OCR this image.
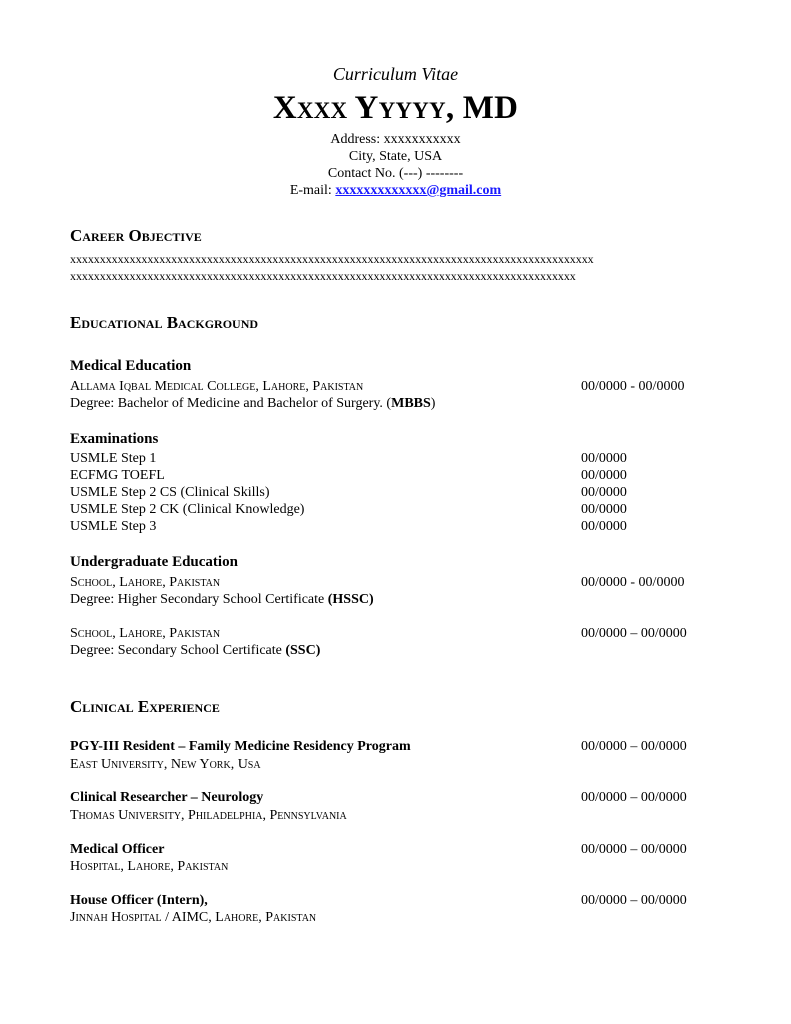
Curriculum Vitae
Xxxx Yyyyy, MD
Address: xxxxxxxxxxx
City, State, USA
Contact No. (---) --------
E-mail: xxxxxxxxxxxxx@gmail.com
Career Objective
xxxxxxxxxxxxxxxxxxxxxxxxxxxxxxxxxxxxxxxxxxxxxxxxxxxxxxxxxxxxxxxxxxxxxxxxxxxxxxxxxxxxxxxx
xxxxxxxxxxxxxxxxxxxxxxxxxxxxxxxxxxxxxxxxxxxxxxxxxxxxxxxxxxxxxxxxxxxxxxxxxxxxxxxxxxxxx
Educational Background
Medical Education
Allama Iqbal Medical College, Lahore, Pakistan	00/0000 - 00/0000
Degree: Bachelor of Medicine and Bachelor of Surgery. (MBBS)
Examinations
USMLE Step 1	00/0000
ECFMG TOEFL	00/0000
USMLE Step 2 CS (Clinical Skills)	00/0000
USMLE Step 2 CK (Clinical Knowledge)	00/0000
USMLE Step 3	00/0000
Undergraduate Education
School, Lahore, Pakistan	00/0000 - 00/0000
Degree: Higher Secondary School Certificate (HSSC)
School, Lahore, Pakistan	00/0000 – 00/0000
Degree: Secondary School Certificate (SSC)
Clinical Experience
PGY-III Resident – Family Medicine Residency Program	00/0000 – 00/0000
East University, New York, Usa
Clinical Researcher – Neurology	00/0000 – 00/0000
Thomas University, Philadelphia, Pennsylvania
Medical Officer	00/0000 – 00/0000
Hospital, Lahore, Pakistan
House Officer (Intern),	00/0000 – 00/0000
Jinnah Hospital / AIMC, Lahore, Pakistan
